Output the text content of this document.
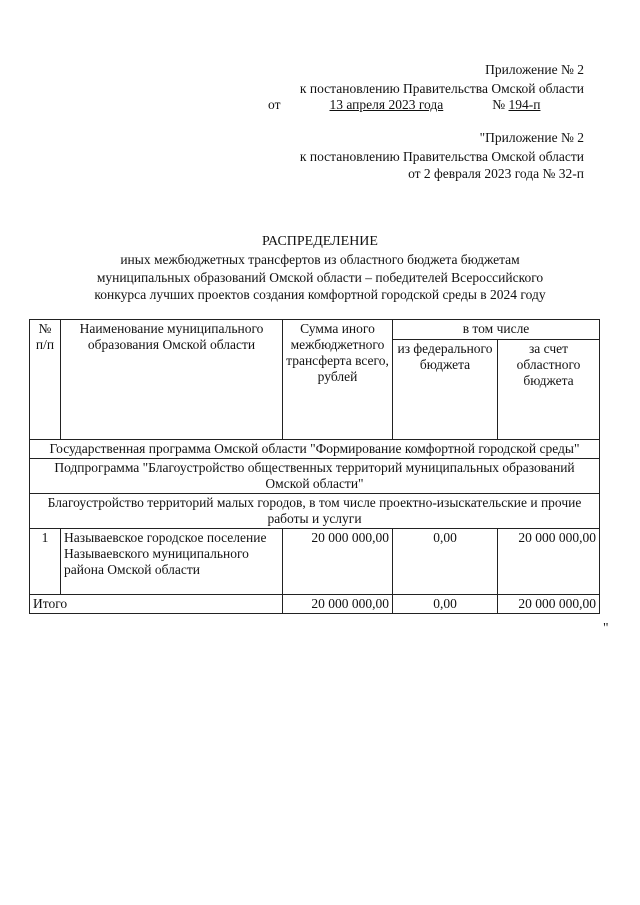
Приложение № 2
к постановлению Правительства Омской области
от	13 апреля 2023 года	№ 194-п
"Приложение № 2
к постановлению Правительства Омской области
от 2 февраля 2023 года № 32-п
РАСПРЕДЕЛЕНИЕ
иных межбюджетных трансфертов из областного бюджета бюджетам
муниципальных образований Омской области – победителей Всероссийского
конкурса лучших проектов создания комфортной городской среды в 2024 году
№ п/п	Наименование муниципального образования Омской области	Сумма иного межбюджетного трансферта всего, рублей	в том числе	
			из федерального бюджета	за счет областного бюджета
Государственная программа Омской области "Формирование комфортной городской среды"				
Подпрограмма "Благоустройство общественных территорий муниципальных образований Омской области"				
Благоустройство территорий малых городов, в том числе проектно-изыскательские и прочие работы и услуги				
1	Называевское городское поселение Называевского муниципального района Омской области	20 000 000,00	0,00	20 000 000,00
Итого		20 000 000,00	0,00	20 000 000,00
"
